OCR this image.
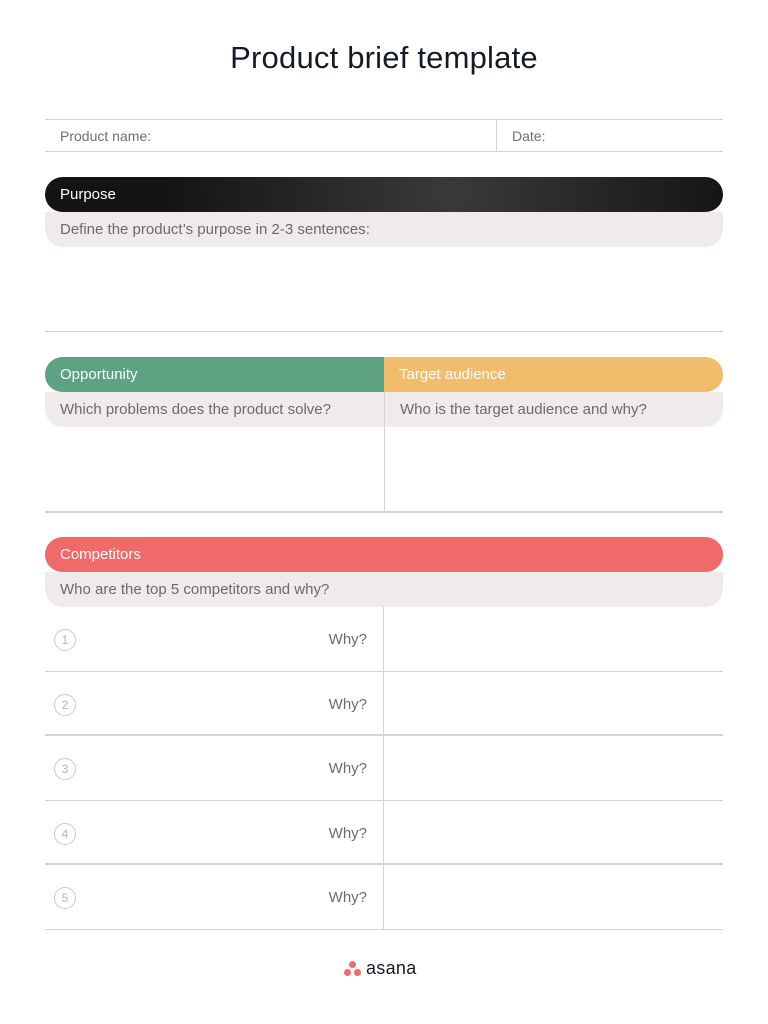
Product brief template
Product name:	Date:
Purpose
Define the product’s purpose in 2-3 sentences:
Opportunity	Target audience
Which problems does the product solve?	Who is the target audience and why?
Competitors
Who are the top 5 competitors and why?
1	Why?
2	Why?
3	Why?
4	Why?
5	Why?
asana
